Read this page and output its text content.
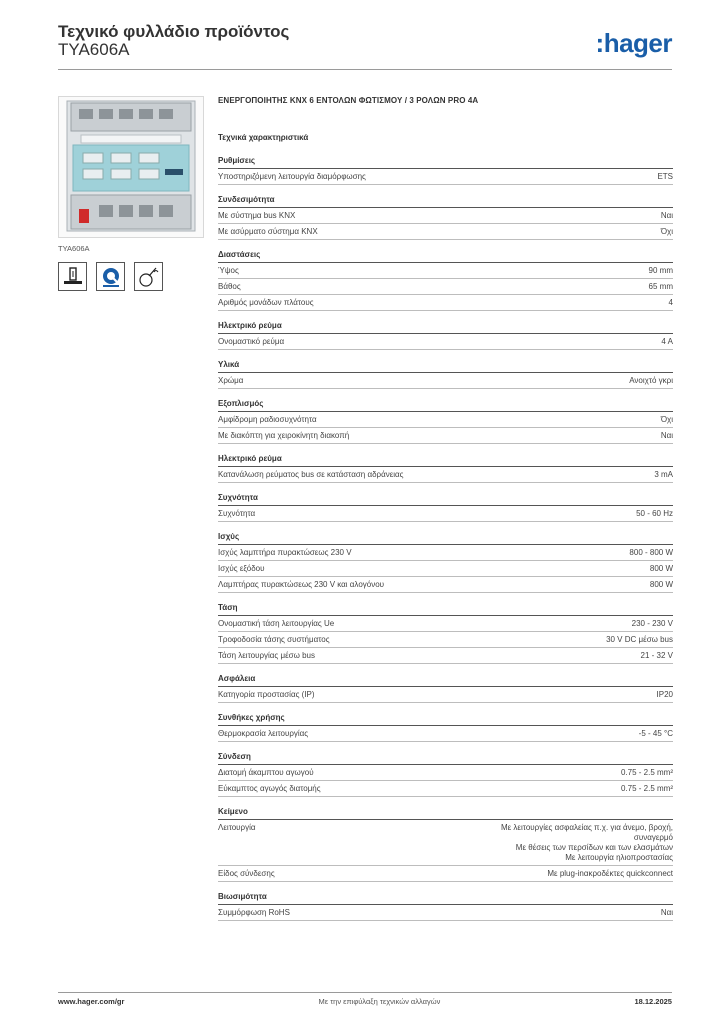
Τεχνικό φυλλάδιο προϊόντος
TYA606A	:hager
TYA606A
ΕΝΕΡΓΟΠΟΙΗΤΗΣ KNX 6 ΕΝΤΟΛΩΝ ΦΩΤΙΣΜΟΥ / 3 ΡΟΛΩΝ PRO 4A
Τεχνικά χαρακτηριστικά
Ρυθμίσεις
Υποστηριζόμενη λειτουργία διαμόρφωσης	ETS
Συνδεσιμότητα
Με σύστημα bus KNX	Ναι
Με ασύρματο σύστημα KNX	Όχι
Διαστάσεις
Ύψος	90 mm
Βάθος	65 mm
Αριθμός μονάδων πλάτους	4
Ηλεκτρικό ρεύμα
Ονομαστικό ρεύμα	4 A
Υλικά
Χρώμα	Ανοιχτό γκρι
Εξοπλισμός
Αμφίδρομη ραδιοσυχνότητα	Όχι
Με διακόπτη για χειροκίνητη διακοπή	Ναι
Ηλεκτρικό ρεύμα
Κατανάλωση ρεύματος bus σε κατάσταση αδράνειας	3 mA
Συχνότητα
Συχνότητα	50 - 60 Hz
Ισχύς
Ισχύς λαμπτήρα πυρακτώσεως 230 V	800 - 800 W
Ισχύς εξόδου	800 W
Λαμπτήρας πυρακτώσεως 230 V και αλογόνου	800 W
Τάση
Ονομαστική τάση λειτουργίας Ue	230 - 230 V
Τροφοδοσία τάσης συστήματος	30 V DC μέσω bus
Τάση λειτουργίας μέσω bus	21 - 32 V
Ασφάλεια
Κατηγορία προστασίας (IP)	IP20
Συνθήκες χρήσης
Θερμοκρασία λειτουργίας	-5 - 45 °C
Σύνδεση
Διατομή άκαμπτου αγωγού	0.75 - 2.5 mm²
Εύκαμπτος αγωγός διατομής	0.75 - 2.5 mm²
Κείμενο
Λειτουργία	Με λειτουργίες ασφαλείας π.χ. για άνεμο, βροχή,
συναγερμό
Με θέσεις των περσίδων και των ελασμάτων
Με λειτουργία ηλιοπροστασίας
Είδος σύνδεσης	Με plug-inακροδέκτες quickconnect
Βιωσιμότητα
Συμμόρφωση RoHS	Ναι
www.hager.com/gr	Με την επιφύλαξη τεχνικών αλλαγών	18.12.2025
